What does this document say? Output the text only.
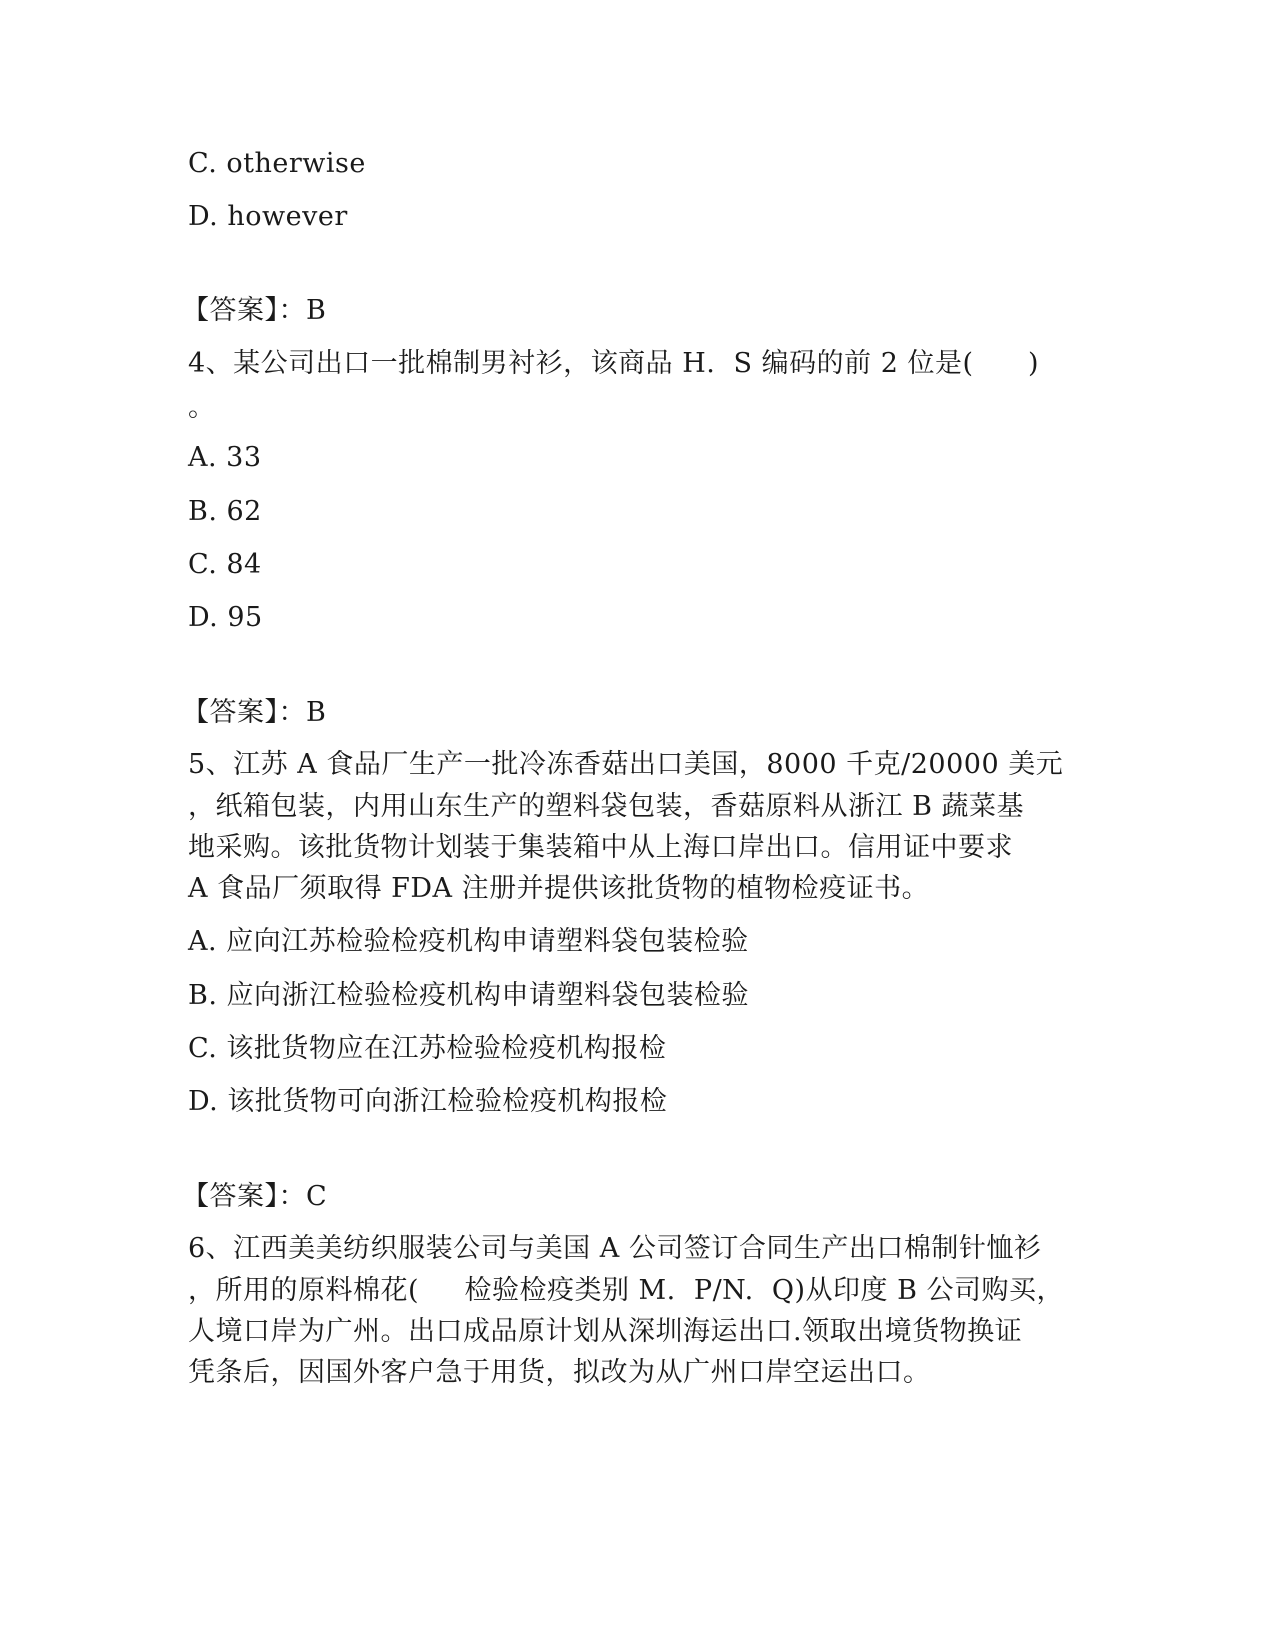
C. otherwise
D. however
【答案】：B
4、某公司出口一批棉制男衬衫，该商品 H.  S 编码的前 2 位是(      )
。
A. 33
B. 62
C. 84
D. 95
【答案】：B
5、江苏 A 食品厂生产一批冷冻香菇出口美国，8000 千克/20000 美元
，纸箱包装，内用山东生产的塑料袋包装，香菇原料从浙江 B 蔬菜基
地采购。该批货物计划装于集装箱中从上海口岸出口。信用证中要求
A 食品厂须取得 FDA 注册并提供该批货物的植物检疫证书。
A. 应向江苏检验检疫机构申请塑料袋包装检验
B. 应向浙江检验检疫机构申请塑料袋包装检验
C. 该批货物应在江苏检验检疫机构报检
D. 该批货物可向浙江检验检疫机构报检
【答案】：C
6、江西美美纺织服装公司与美国 A 公司签订合同生产出口棉制针恤衫
，所用的原料棉花(     检验检疫类别 M.  P/N.  Q)从印度 B 公司购买，
人境口岸为广州。出口成品原计划从深圳海运出口.领取出境货物换证
凭条后，因国外客户急于用货，拟改为从广州口岸空运出口。
